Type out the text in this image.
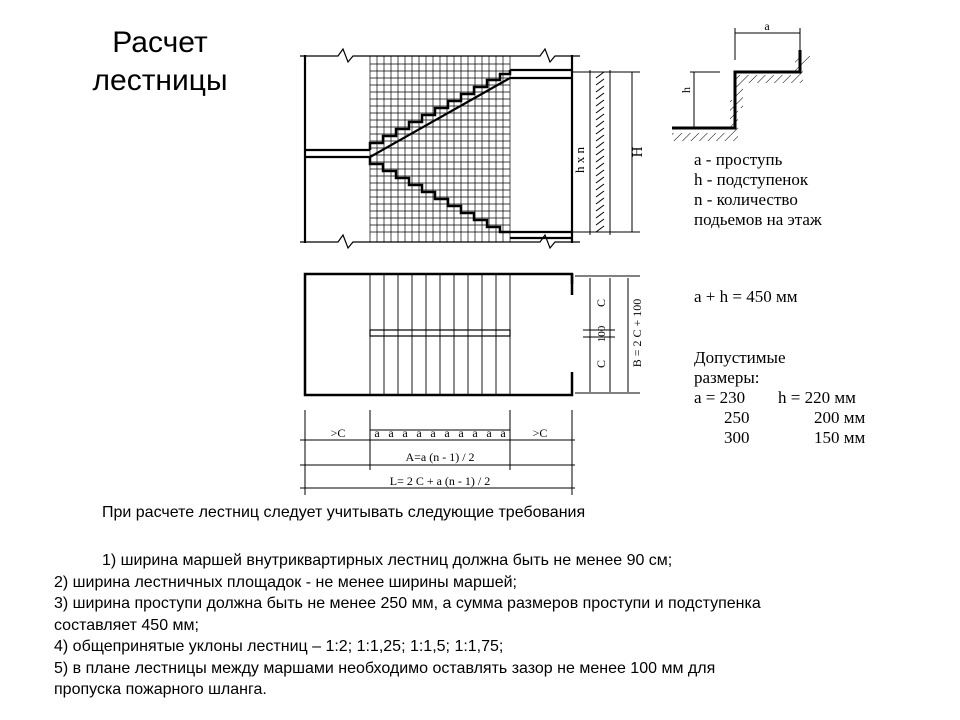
Расчет
лестницы
h x n	H
C
100
C B = 2 C + 100
a a a a a a a a a a
>C	>C
A=a (n - 1) / 2
L= 2 C + a (n - 1) / 2
a
h
a - проступь
h - подступенок
n - количество
подьемов на этаж
a + h = 450 мм
Допустимые
размеры:
a = 230 h = 220 мм
250	200 мм
300	150 мм
При расчете лестниц следует учитывать следующие требования
1) ширина маршей внутриквартирных лестниц должна быть не менее 90 см;
2) ширина лестничных площадок - не менее ширины маршей;
3) ширина проступи должна быть не менее 250 мм, а сумма размеров проступи и подступенка
составляет 450 мм;
4) общепринятые уклоны лестниц – 1:2; 1:1,25; 1:1,5; 1:1,75;
5) в плане лестницы между маршами необходимо оставлять зазор не менее 100 мм для
пропуска пожарного шланга.
